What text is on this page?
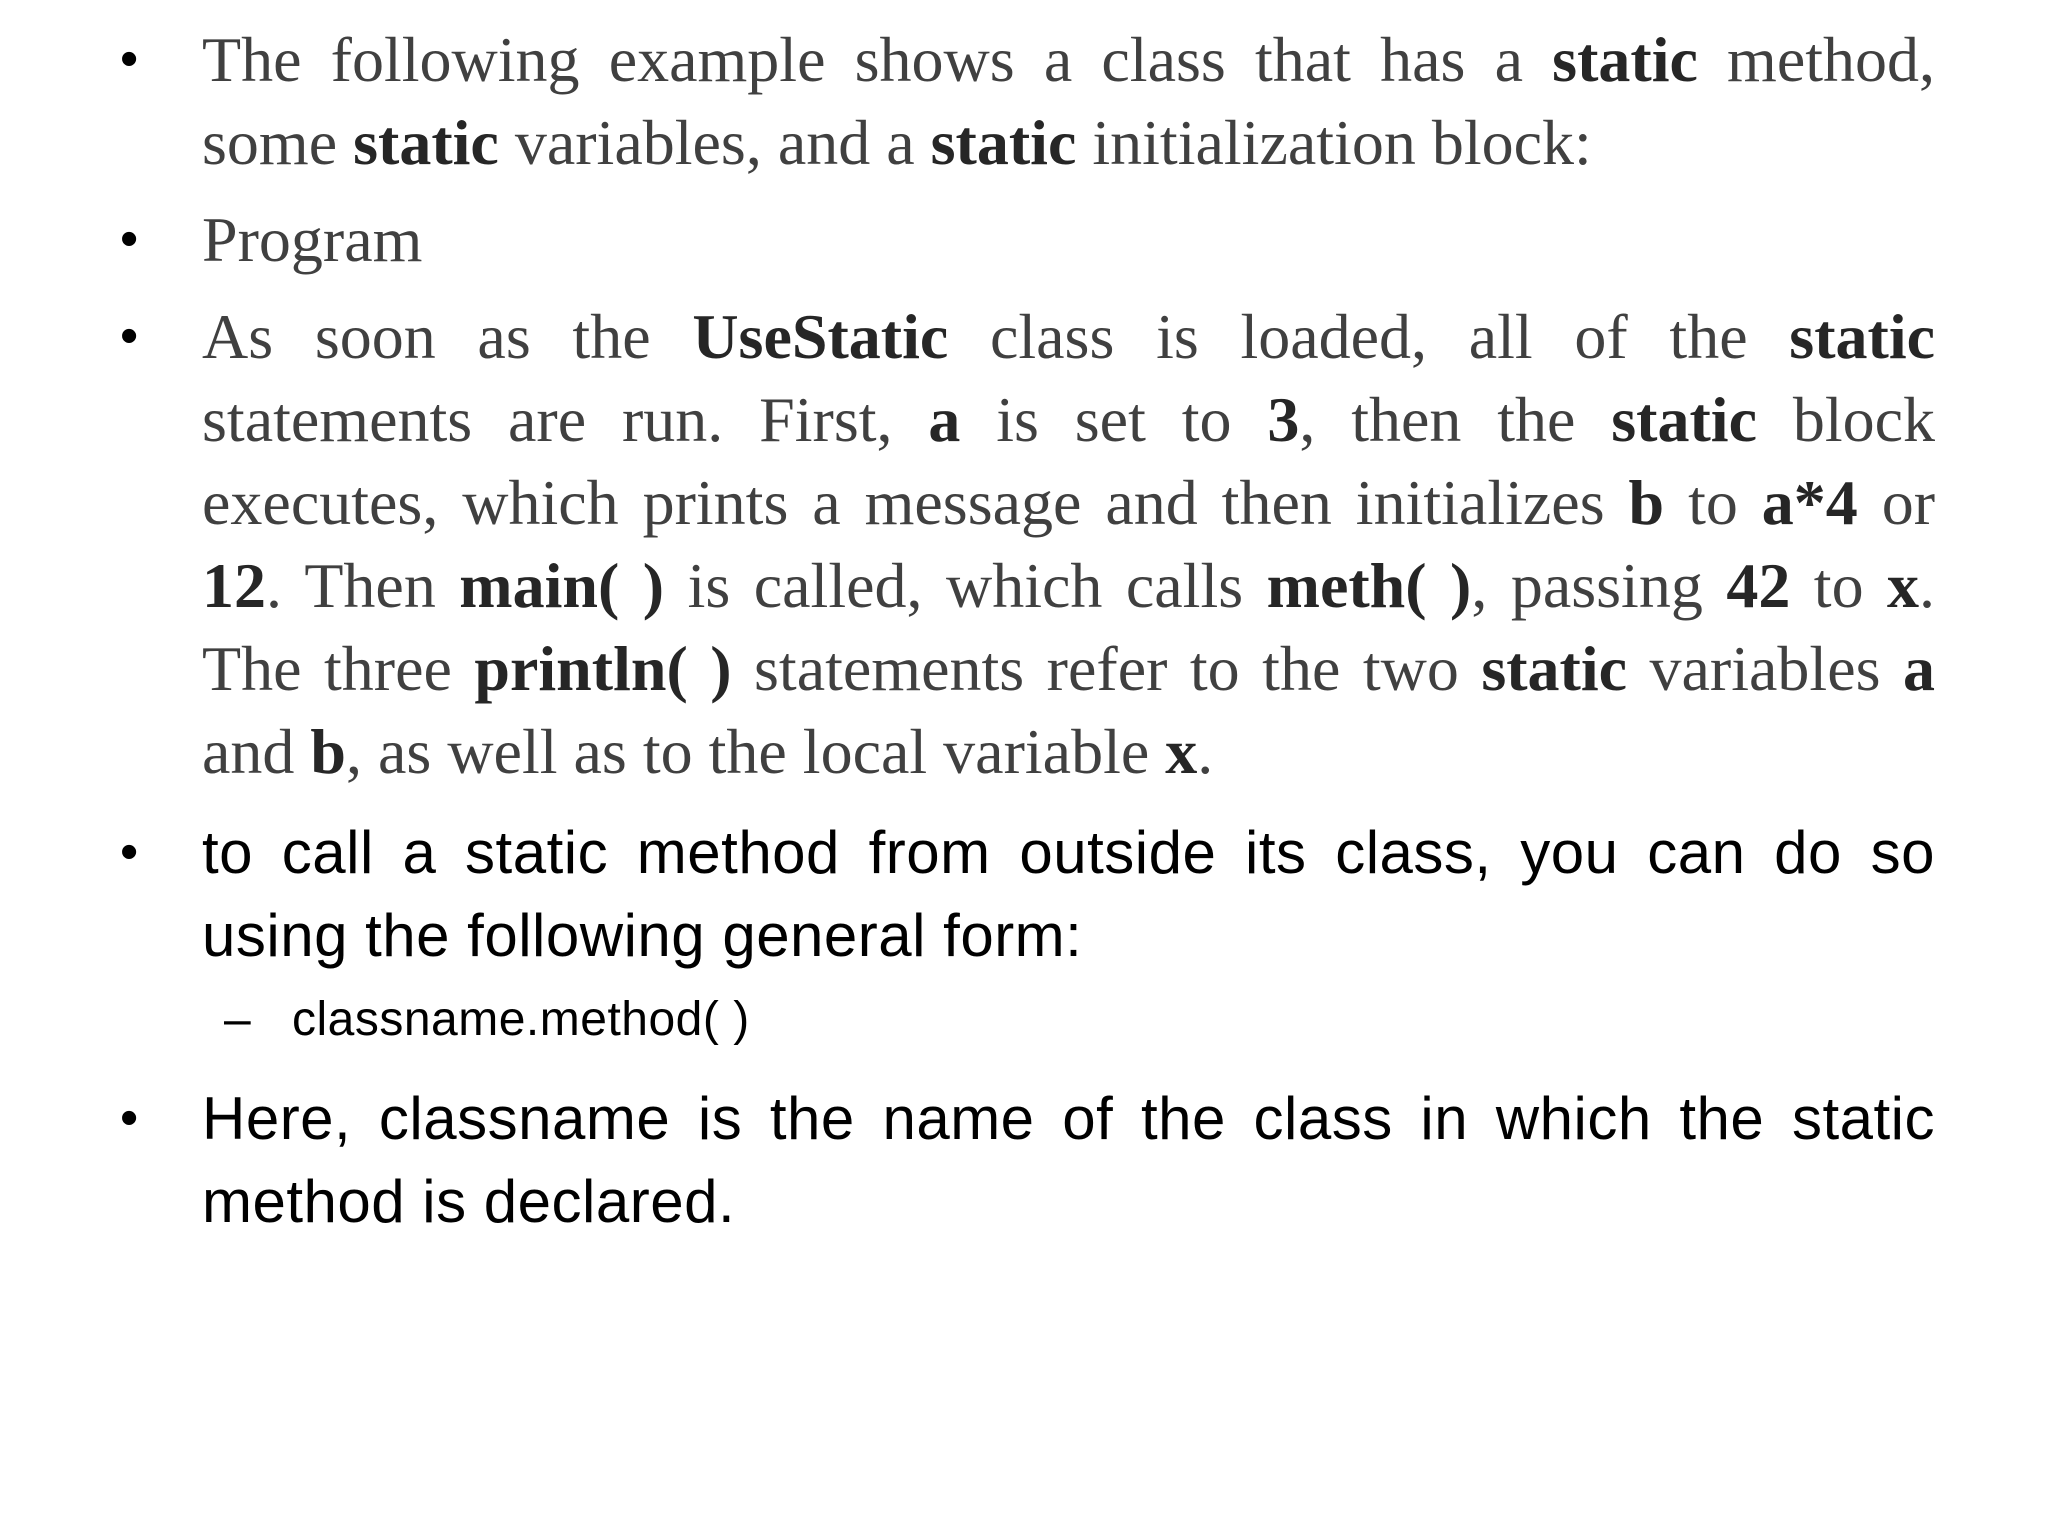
• The following example shows a class that has a static method, some static variables, and a static initialization block:
• Program
• As soon as the UseStatic class is loaded, all of the static statements are run. First, a is set to 3, then the static block executes, which prints a message and then initializes b to a*4 or 12. Then main( ) is called, which calls meth( ), passing 42 to x. The three println( ) statements refer to the two static variables a and b, as well as to the local variable x.
• to call a static method from outside its class, you can do so using the following general form:
– classname.method( )
• Here, classname is the name of the class in which the static method is declared.
